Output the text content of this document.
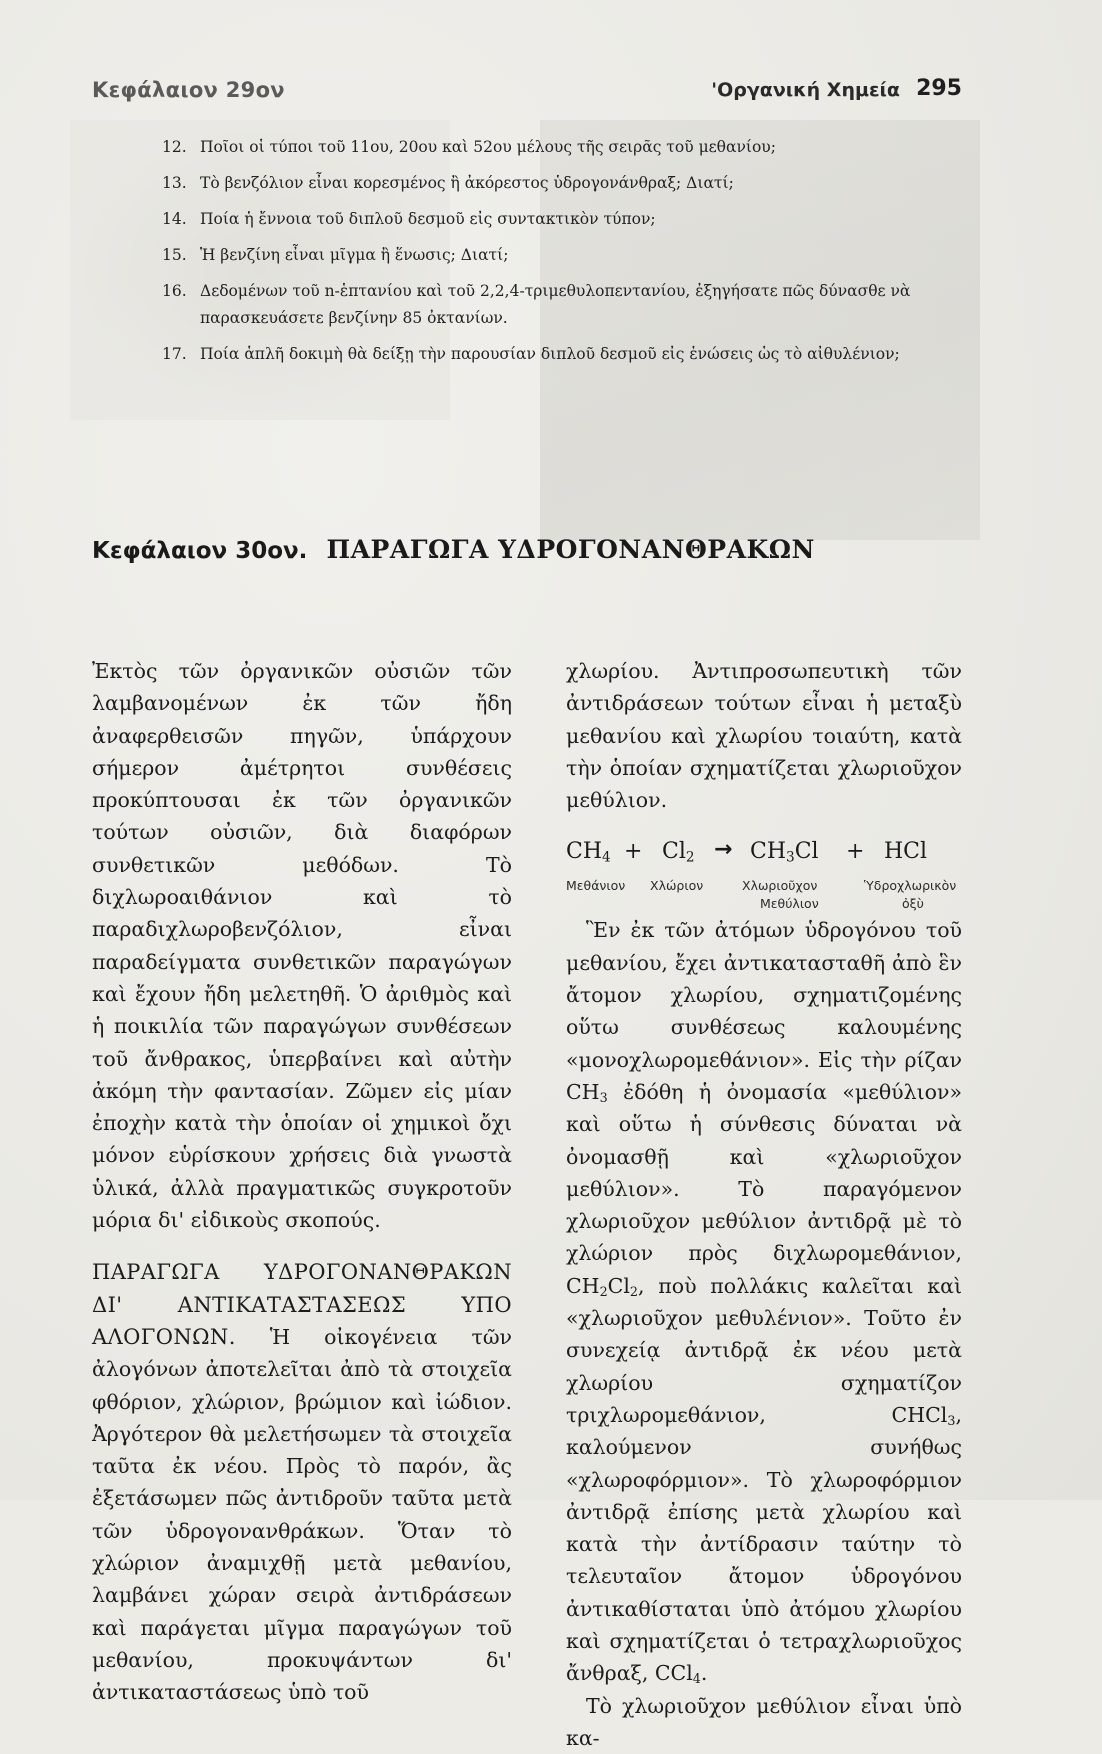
Κεφάλαιον 29ον	'Οργανική Χημεία 295
12. Ποῖοι οἱ τύποι τοῦ 11ου, 20ου καὶ 52ου μέλους τῆς σειρᾶς τοῦ μεθανίου;
13. Τὸ βενζόλιον εἶναι κορεσμένος ἢ ἀκόρεστος ὑδρογονάνθραξ; Διατί;
14. Ποία ἡ ἔννοια τοῦ διπλοῦ δεσμοῦ εἰς συντακτικὸν τύπον;
15. Ἡ βενζίνη εἶναι μῖγμα ἢ ἕνωσις; Διατί;
16. Δεδομένων τοῦ n-ἑπτανίου καὶ τοῦ 2,2,4-τριμεθυλοπεντανίου, ἐξηγήσατε πῶς δύνασθε νὰ παρασκευάσετε βενζίνην 85 ὀκτανίων.
17. Ποία ἁπλῆ δοκιμὴ θὰ δείξῃ τὴν παρουσίαν διπλοῦ δεσμοῦ εἰς ἑνώσεις ὡς τὸ αἰθυλένιον;
Κεφάλαιον 30ον. ΠΑΡΑΓΩΓΑ ΥΔΡΟΓΟΝΑΝΘΡΑΚΩΝ

Ἐκτὸς τῶν ὀργανικῶν οὐσιῶν τῶν λαμβανομένων ἐκ τῶν ἤδη ἀναφερθεισῶν πηγῶν, ὑπάρχουν σήμερον ἀμέτρητοι συνθέσεις προκύπτουσαι ἐκ τῶν ὀργανικῶν τούτων οὐσιῶν, διὰ διαφόρων συνθετικῶν μεθόδων. Τὸ διχλωροαιθάνιον καὶ τὸ παραδιχλωροβενζόλιον, εἶναι παραδείγματα συνθετικῶν παραγώγων καὶ ἔχουν ἤδη μελετηθῆ. Ὁ ἀριθμὸς καὶ ἡ ποικιλία τῶν παραγώγων συνθέσεων τοῦ ἄνθρακος, ὑπερβαίνει καὶ αὐτὴν ἀκόμη τὴν φαντασίαν. Ζῶμεν εἰς μίαν ἐποχὴν κατὰ τὴν ὁποίαν οἱ χημικοὶ ὄχι μόνον εὑρίσκουν χρήσεις διὰ γνωστὰ ὑλικά, ἀλλὰ πραγματικῶς συγκροτοῦν μόρια δι' εἰδικοὺς σκοπούς.

ΠΑΡΑΓΩΓΑ ΥΔΡΟΓΟΝΑΝΘΡΑΚΩΝ ΔΙ' ΑΝΤΙΚΑΤΑΣΤΑΣΕΩΣ ΥΠΟ ΑΛΟΓΟΝΩΝ. Ἡ οἰκογένεια τῶν ἀλογόνων ἀποτελεῖται ἀπὸ τὰ στοιχεῖα φθόριον, χλώριον, βρώμιον καὶ ἰώδιον. Ἀργότερον θὰ μελετήσωμεν τὰ στοιχεῖα ταῦτα ἐκ νέου. Πρὸς τὸ παρόν, ἂς ἐξετάσωμεν πῶς ἀντιδροῦν ταῦτα μετὰ τῶν ὑδρογονανθράκων. Ὅταν τὸ χλώριον ἀναμιχθῇ μετὰ μεθανίου, λαμβάνει χώραν σειρὰ ἀντιδράσεων καὶ παράγεται μῖγμα παραγώγων τοῦ μεθανίου, προκυψάντων δι' ἀντικαταστάσεως ὑπὸ τοῦ

χλωρίου. Ἀντιπροσωπευτικὴ τῶν ἀντιδράσεων τούτων εἶναι ἡ μεταξὺ μεθανίου καὶ χλωρίου τοιαύτη, κατὰ τὴν ὁποίαν σχηματίζεται χλωριοῦχον μεθύλιον.

$CH_4 + Cl_2 \to CH_3Cl$ + HCl
Μεθάνιον Χλώριον	Χλωριοῦχον
Μεθύλιον
Ὑδροχλωρικὸν
ὀξὺ

Ἓν ἐκ τῶν ἀτόμων ὑδρογόνου τοῦ μεθανίου, ἔχει ἀντικατασταθῆ ἀπὸ ἓν ἄτομον χλωρίου, σχηματιζομένης οὕτω συνθέσεως καλουμένης «μονοχλωρομεθάνιον». Εἰς τὴν ρίζαν $CH_3$ ἐδόθη ἡ ὀνομασία «μεθύλιον» καὶ οὕτω ἡ σύνθεσις δύναται νὰ ὀνομασθῇ καὶ «χλωριοῦχον μεθύλιον». Τὸ παραγόμενον χλωριοῦχον μεθύλιον ἀντιδρᾷ μὲ τὸ χλώριον πρὸς διχλωρομεθάνιον, $CH_2Cl_2$, ποὺ πολλάκις καλεῖται καὶ «χλωριοῦχον μεθυλένιον». Τοῦτο ἐν συνεχείᾳ ἀντιδρᾷ ἐκ νέου μετὰ χλωρίου σχηματίζον τριχλωρομεθάνιον, CHCl$_3$, καλούμενον συνήθως «χλωροφόρμιον». Τὸ χλωροφόρμιον ἀντιδρᾷ ἐπίσης μετὰ χλωρίου καὶ κατὰ τὴν ἀντίδρασιν ταύτην τὸ τελευταῖον ἄτομον ὑδρογόνου ἀντικαθίσταται ὑπὸ ἀτόμου χλωρίου καὶ σχηματίζεται ὁ τετραχλωριοῦχος ἄνθραξ, CCl$_4$.

Τὸ χλωριοῦχον μεθύλιον εἶναι ὑπὸ κα-
